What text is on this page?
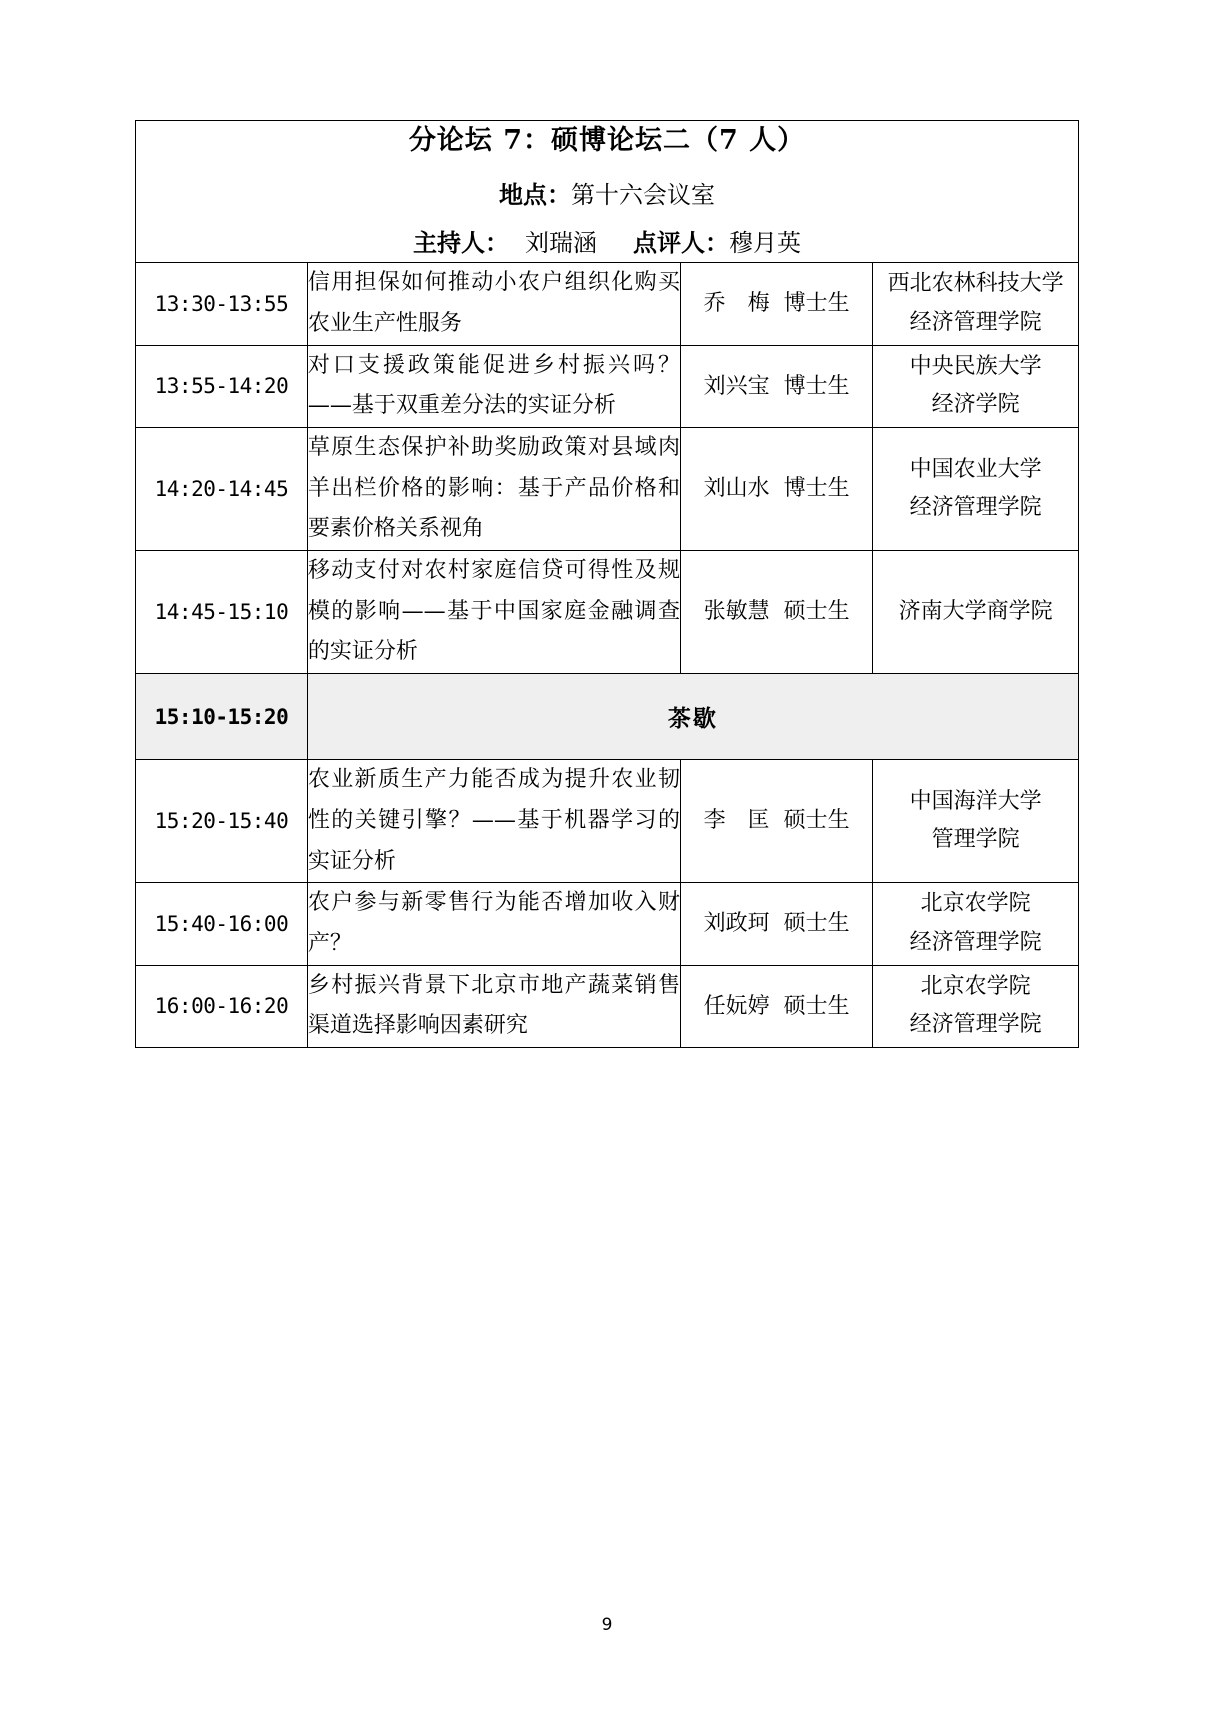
分论坛 7：硕博论坛二（7 人）
地点：第十六会议室
主持人： 刘瑞涵 点评人：穆月英			

13:30-13:55	信用担保如何推动小农户组织化购买农业生产性服务	乔 梅 博士生	西北农林科技大学
经济管理学院

13:55-14:20	对口支援政策能促进乡村振兴吗？——基于双重差分法的实证分析	刘兴宝 博士生	中央民族大学
经济学院

14:20-14:45	草原生态保护补助奖励政策对县域肉羊出栏价格的影响：基于产品价格和要素价格关系视角	刘山水 博士生	中国农业大学
经济管理学院

14:45-15:10	移动支付对农村家庭信贷可得性及规模的影响——基于中国家庭金融调查的实证分析	张敏慧 硕士生	济南大学商学院

15:10-15:20	茶歇		
15:20-15:40	农业新质生产力能否成为提升农业韧性的关键引擎？——基于机器学习的实证分析	李 匡 硕士生	中国海洋大学
管理学院

15:40-16:00	农户参与新零售行为能否增加收入财产？	刘政珂 硕士生	北京农学院
经济管理学院

16:00-16:20	乡村振兴背景下北京市地产蔬菜销售渠道选择影响因素研究	任妧婷 硕士生	北京农学院
经济管理学院
9
